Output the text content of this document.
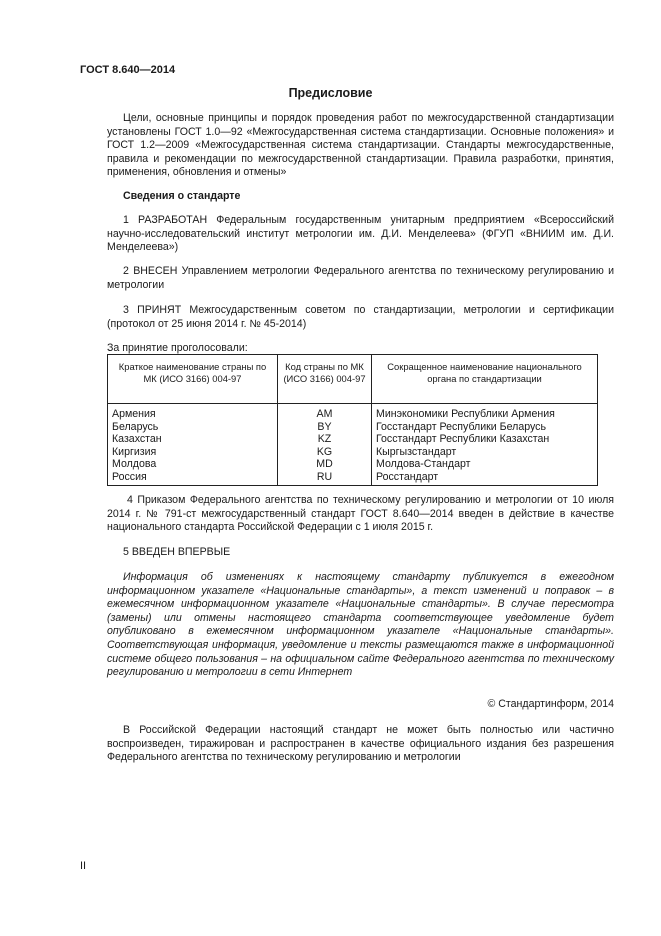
ГОСТ 8.640—2014
Предисловие

Цели, основные принципы и порядок проведения работ по межгосударственной стандартизации установлены ГОСТ 1.0—92 «Межгосударственная система стандартизации. Основные положения» и ГОСТ 1.2—2009 «Межгосударственная система стандартизации. Стандарты межгосударственные, правила и рекомендации по межгосударственной стандартизации. Правила разработки, принятия, применения, обновления и отмены»

Сведения о стандарте

1 РАЗРАБОТАН Федеральным государственным унитарным предприятием «Всероссийский научно-исследовательский институт метрологии им. Д.И. Менделеева» (ФГУП «ВНИИМ им. Д.И. Менделеева»)

2 ВНЕСЕН Управлением метрологии Федерального агентства по техническому регулированию и метрологии

3 ПРИНЯТ Межгосударственным советом по стандартизации, метрологии и сертификации (протокол от 25 июня 2014 г. № 45-2014)

За принятие проголосовали:
Краткое наименование страны по МК (ИСО 3166) 004-97	Код страны по МК (ИСО 3166) 004-97	Сокращенное наименование национального органа по стандартизации
Армения	AM	Минэкономики Республики Армения
Беларусь	BY	Госстандарт Республики Беларусь
Казахстан	KZ	Госстандарт Республики Казахстан
Киргизия	KG	Кыргызстандарт
Молдова	MD	Молдова-Стандарт
Россия	RU	Росстандарт

4 Приказом Федерального агентства по техническому регулированию и метрологии от 10 июля 2014 г. № 791-ст межгосударственный стандарт ГОСТ 8.640—2014 введен в действие в качестве национального стандарта Российской Федерации с 1 июля 2015 г.

5 ВВЕДЕН ВПЕРВЫЕ

Информация об изменениях к настоящему стандарту публикуется в ежегодном информационном указателе «Национальные стандарты», а текст изменений и поправок – в ежемесячном информационном указателе «Национальные стандарты». В случае пересмотра (замены) или отмены настоящего стандарта соответствующее уведомление будет опубликовано в ежемесячном информационном указателе «Национальные стандарты». Соответствующая информация, уведомление и тексты размещаются также в информационной системе общего пользования – на официальном сайте Федерального агентства по техническому регулированию и метрологии в сети Интернет

© Стандартинформ, 2014

В Российской Федерации настоящий стандарт не может быть полностью или частично воспроизведен, тиражирован и распространен в качестве официального издания без разрешения Федерального агентства по техническому регулированию и метрологии

II
